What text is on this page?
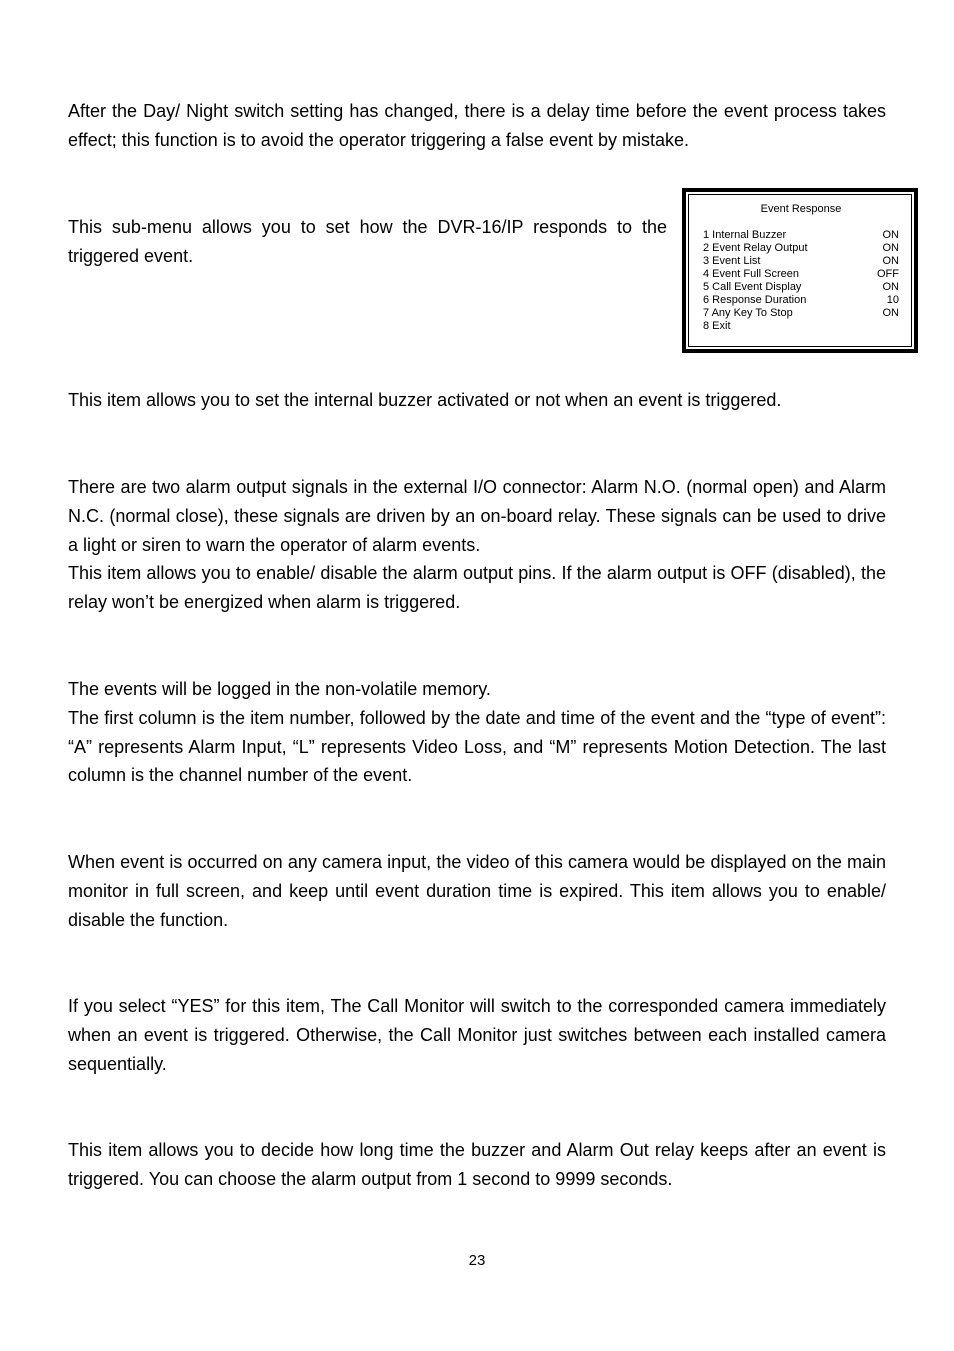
After the Day/ Night switch setting has changed, there is a delay time before the event process takes effect; this function is to avoid the operator triggering a false event by mistake.

This sub-menu allows you to set how the DVR-16/IP responds to the triggered event.

Event Response
1 Internal Buzzer	ON
2 Event Relay Output	ON
3 Event List	ON
4 Event Full Screen	OFF
5 Call Event Display	ON
6 Response Duration	10
7 Any Key To Stop	ON
8 Exit

This item allows you to set the internal buzzer activated or not when an event is triggered.

There are two alarm output signals in the external I/O connector: Alarm N.O. (normal open) and Alarm N.C. (normal close), these signals are driven by an on-board relay. These signals can be used to drive a light or siren to warn the operator of alarm events.

This item allows you to enable/ disable the alarm output pins. If the alarm output is OFF (disabled), the relay won’t be energized when alarm is triggered.

The events will be logged in the non-volatile memory.

The first column is the item number, followed by the date and time of the event and the “type of event”: “A” represents Alarm Input, “L” represents Video Loss, and “M” represents Motion Detection. The last column is the channel number of the event.

When event is occurred on any camera input, the video of this camera would be displayed on the main monitor in full screen, and keep until event duration time is expired. This item allows you to enable/ disable the function.

If you select “YES” for this item, The Call Monitor will switch to the corresponded camera immediately when an event is triggered. Otherwise, the Call Monitor just switches between each installed camera sequentially.

This item allows you to decide how long time the buzzer and Alarm Out relay keeps after an event is triggered. You can choose the alarm output from 1 second to 9999 seconds.

23
